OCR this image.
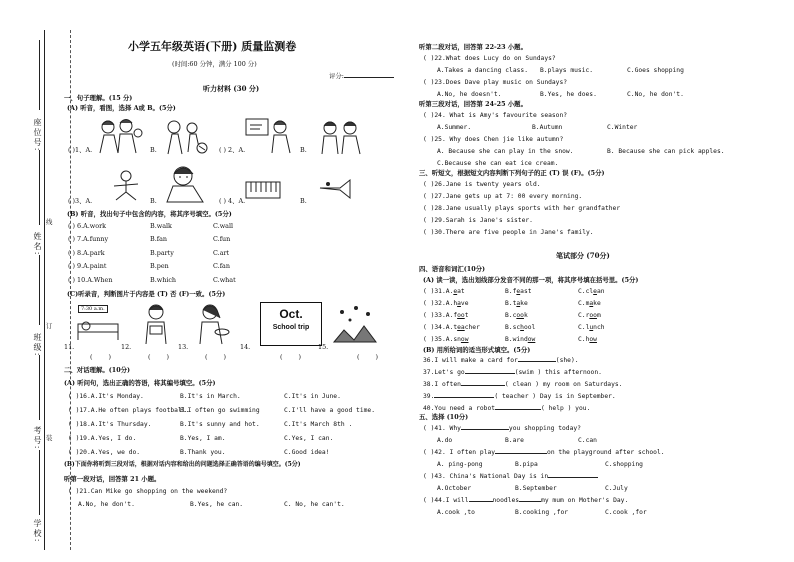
座位号:
姓名:
班级:
考号:
学校:
线
订
装
小学五年级英语(下册) 质量监测卷
(时间:60 分钟，满分 100 分)
评分:
听力材料 (30 分)
一、句子理解。(15 分)
(A) 听音，看图，选择 A或 B。(5分)
( )1、A.	B.	( ) 2、A.	B.
( )3、A.	B.	( ) 4、A.	B.
(B) 听音，找出句子中包含的内容，将其序号填空。(5分)
( ) 6.A.work	B.walk	C.wall
( ) 7.A.funny	B.fan	C.fun
( ) 8.A.park	B.party	C.art
( ) 9.A.paint	B.pen	C.fan
( ) 10.A.When	B.which	C.what
(C)听录音，判断图片于内容是 (T) 否 (F)一致。(5分)
7:30 a.m.	Oct.
School trip
11.	12.	13.	14.	15.
( )	( )	( )	( )	( )
二、对话理解。(10分)
(A) 听问句，选出正确的答语，将其编号填空。(5分)
( )16.A.It's Monday.	B.It's in March.	C.It's in June.
( )17.A.He often plays football.
B.I often go swimming	C.I'll have a good time.
( )18.A.It's Thursday.	B.It's sunny and hot.	C.It's March 8th .
( )19.A.Yes, I do.	B.Yes, I am.	C.Yes, I can.
( )20.A.Yes, we do.	B.Thank you.	C.Good idea!
(B)下面你将听到三段对话，根据对话内容和给出的问题选择正确答语的编号填空。(5分)
听第一段对话，回答第 21 小题。
( )21.Can Mike go shopping on the weekend?
A.No, he don't.	B.Yes, he can.	C. No, he can't.
听第二段对话，回答第 22-23 小题。
( )22.What does Lucy do on Sundays?
A.Takes a dancing class. B.plays music.	C.Goes shopping
( )23.Does Dave play music on Sundays?
A.No, he doesn't.	B.Yes, he does.	C.No, he don't.
听第三段对话，回答第 24-25 小题。
( )24. What is Amy's favourite season?
A.Summer.	B.Autumn	C.Winter
( )25. Why does Chen jie like autumn?
A. Because she can play in the snow.	B. Because she can pick apples.
C.Because she can eat ice cream.
三、听短文，根据短文内容判断下列句子的正 (T) 误 (F)。(5分)
( )26.Jane is twenty years old.
( )27.Jane gets up at 7: 00 every morning.
( )28.Jane usually plays sports with her grandfather
( )29.Sarah is Jane's sister.
( )30.There are five people in Jane's family.
笔试部分 (70分)
四、语音和词汇(10分)
(A) 读一读，选出划线部分发音不同的那一项，将其序号填在括号里。(5分)
( )31.A.eat	B.feast	C.clean
( )32.A.have	B.take	C.make
( )33.A.foot	B.cook	C.room
( )34.A.teacher	B.school	C.lunch
( )35.A.snow	B.window	C.how
(B) 用所给词的适当形式填空。(5分)
36.I will make a card for	(she).
37.Let's go	(swim ) this afternoon.
38.I often	( clean ) my room on Saturdays.
39.	( teacher ) Day is in September.
40.You need a robot	( help ) you.
五、选择 (10分)
( )41. Why	you shopping today?
A.do	B.are	C.can
( )42. I often play	on the playground after school.
A. ping-pong	B.pipa	C.shopping
( )43. China's National Day is in
A.October	B.September	C.July
( )44.I will	noodles	my mum on Mother's Day.
A.cook ,to	B.cooking ,for	C.cook ,for
